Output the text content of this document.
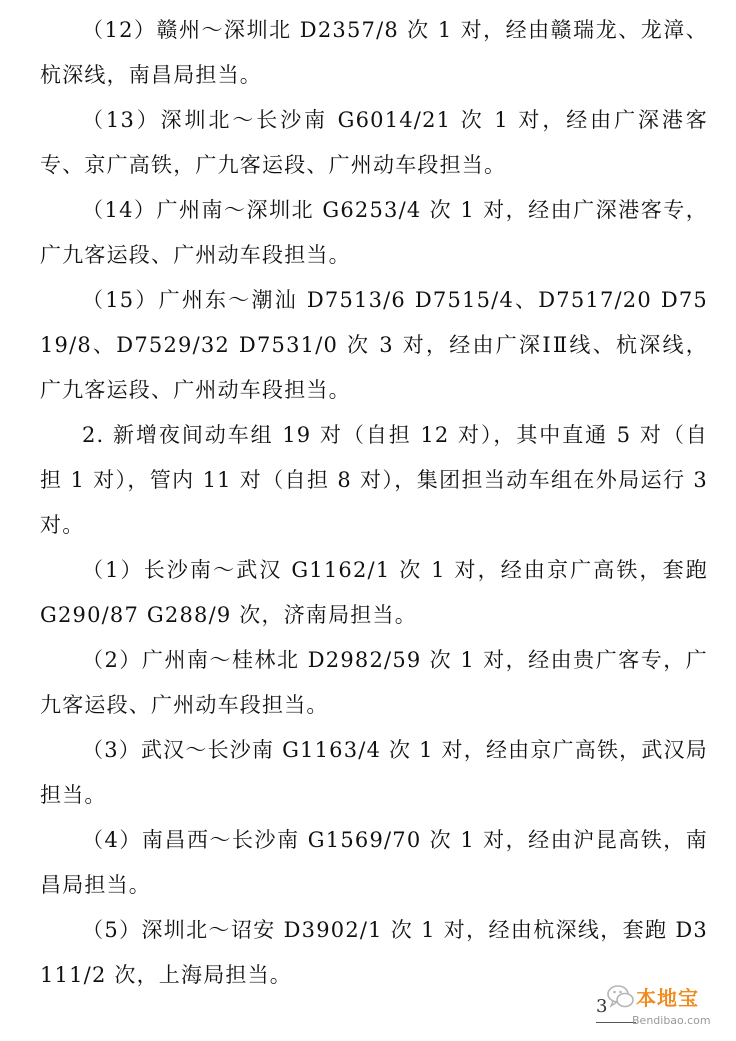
（12）赣州～深圳北 D2357/8 次 1 对，经由赣瑞龙、龙漳、杭深线，南昌局担当。

（13）深圳北～长沙南 G6014/21 次 1 对，经由广深港客专、京广高铁，广九客运段、广州动车段担当。

（14）广州南～深圳北 G6253/4 次 1 对，经由广深港客专，广九客运段、广州动车段担当。

（15）广州东～潮汕 D7513/6 D7515/4、D7517/20 D7519/8、D7529/32 D7531/0 次 3 对，经由广深ⅠⅡ线、杭深线，广九客运段、广州动车段担当。

2. 新增夜间动车组 19 对（自担 12 对），其中直通 5 对（自担 1 对），管内 11 对（自担 8 对），集团担当动车组在外局运行 3 对。

（1）长沙南～武汉 G1162/1 次 1 对，经由京广高铁，套跑 G290/87 G288/9 次，济南局担当。

（2）广州南～桂林北 D2982/59 次 1 对，经由贵广客专，广九客运段、广州动车段担当。

（3）武汉～长沙南 G1163/4 次 1 对，经由京广高铁，武汉局担当。

（4）南昌西～长沙南 G1569/70 次 1 对，经由沪昆高铁，南昌局担当。

（5）深圳北～诏安 D3902/1 次 1 对，经由杭深线，套跑 D3111/2 次，上海局担当。

3 本地宝
Bendibao.com
